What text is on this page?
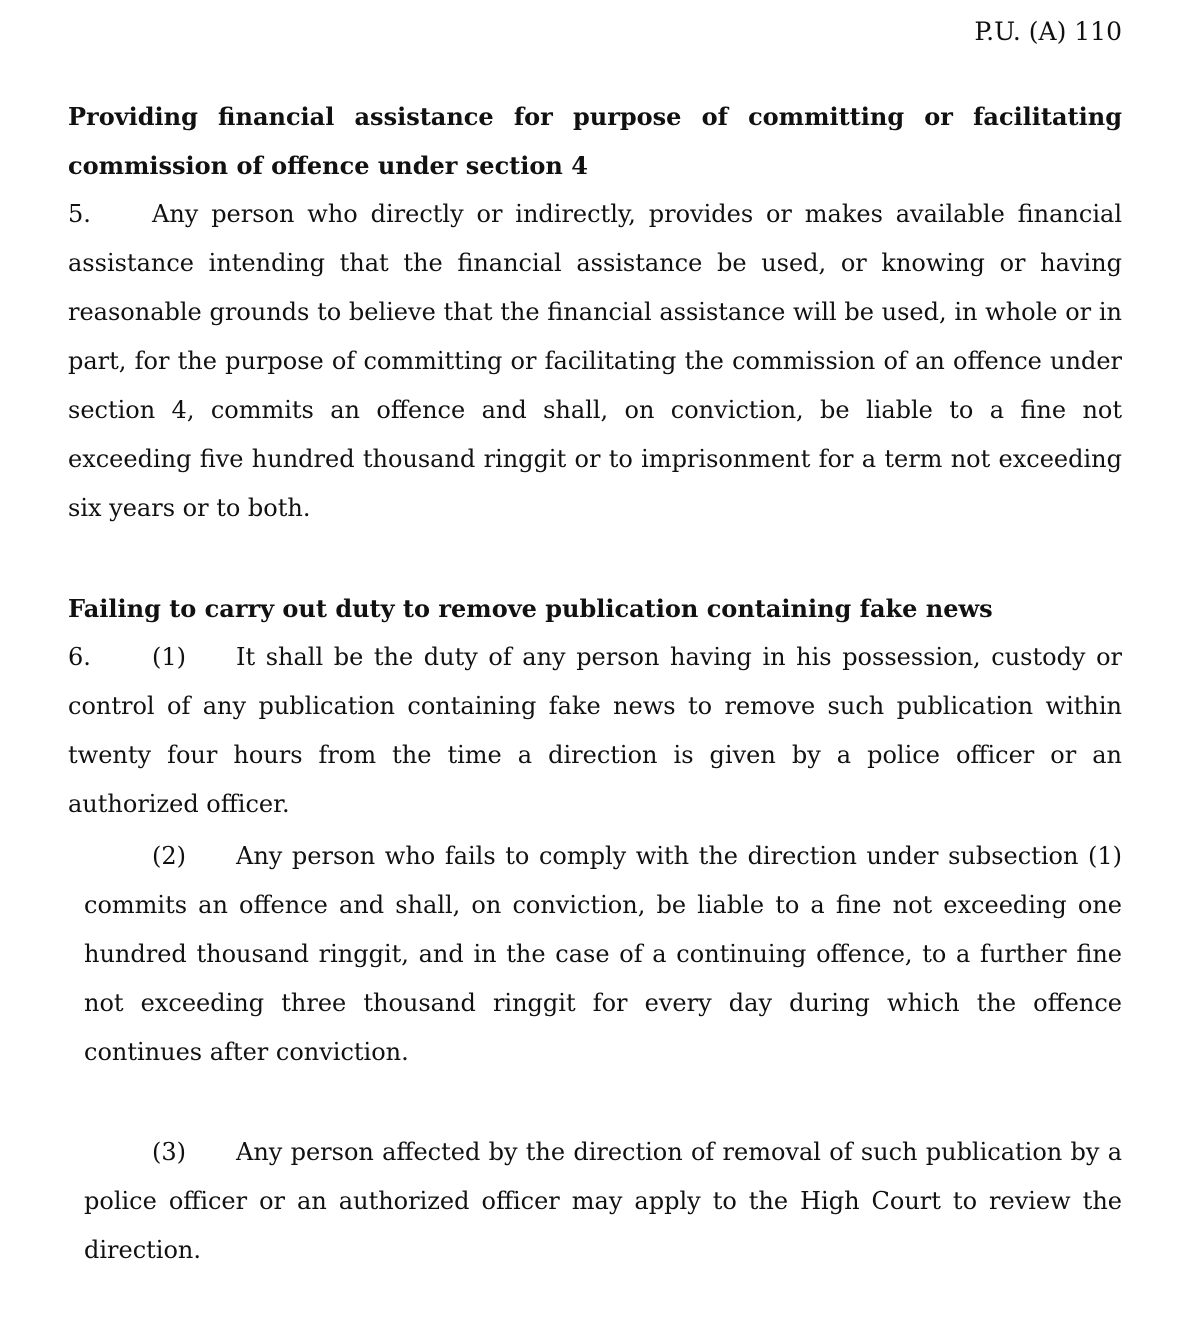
P.U. (A) 110

Providing financial assistance for purpose of committing or facilitating commission of offence under section 4

5.	Any person who directly or indirectly, provides or makes available financial assistance intending that the financial assistance be used, or knowing or having reasonable grounds to believe that the financial assistance will be used, in whole or in part, for the purpose of committing or facilitating the commission of an offence under section 4, commits an offence and shall, on conviction, be liable to a fine not exceeding five hundred thousand ringgit or to imprisonment for a term not exceeding six years or to both.

Failing to carry out duty to remove publication containing fake news

6.	(1) It shall be the duty of any person having in his possession, custody or control of any publication containing fake news to remove such publication within twenty four hours from the time a direction is given by a police officer or an authorized officer.

(2) Any person who fails to comply with the direction under subsection (1) commits an offence and shall, on conviction, be liable to a fine not exceeding one hundred thousand ringgit, and in the case of a continuing offence, to a further fine not exceeding three thousand ringgit for every day during which the offence continues after conviction.

(3) Any person affected by the direction of removal of such publication by a police officer or an authorized officer may apply to the High Court to review the direction.
